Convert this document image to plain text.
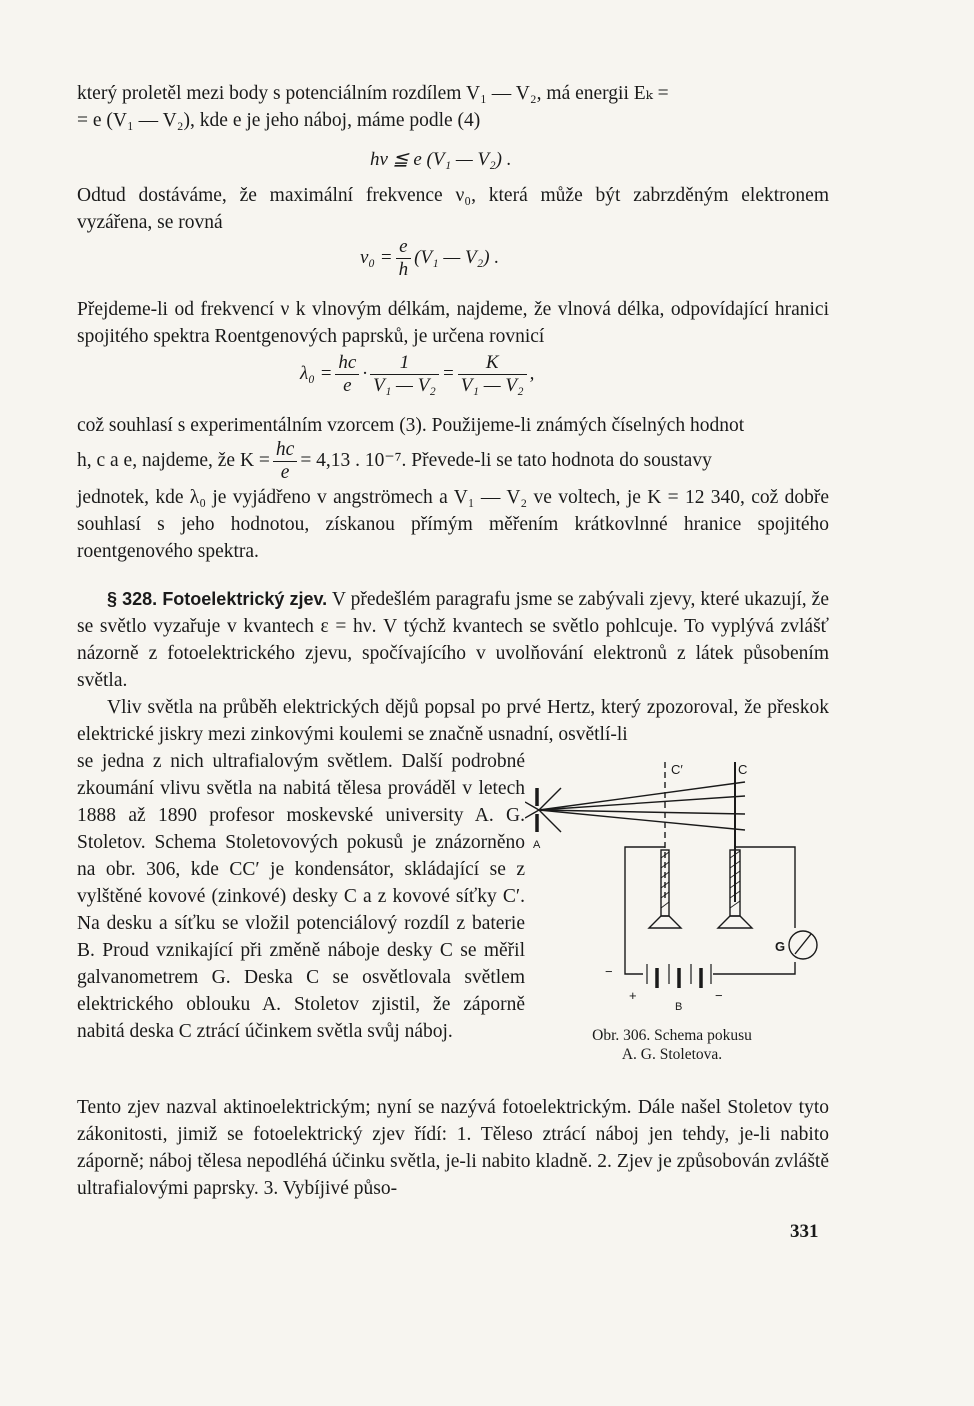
který proletěl mezi body s potenciálním rozdílem V₁ — V₂, má energii Eₖ =

= e (V₁ — V₂), kde e je jeho náboj, máme podle (4)

hν ≦ e (V₁ — V₂) .

Odtud dostáváme, že maximální frekvence ν₀, která může být zabrzděným elektronem vyzářena, se rovná

$\nu_0 = \frac{e}{h} (V_1$ — V₂) .

Přejdeme-li od frekvencí ν k vlnovým délkám, najdeme, že vlnová délka, odpovídající hranici spojitého spektra Roentgenových paprsků, je určena rovnicí

$\lambda_0 = \frac{hc}{e} \cdot \frac{1}{\text{V₁ — V₂}} = \frac{K}{\text{V₁ — V₂}}$ ,

což souhlasí s experimentálním vzorcem (3). Použijeme-li známých číselných hodnot

h, c a e, najdeme, že $K = \frac{hc}{e} = 4,13$ . 10⁻⁷. Převede-li se tato hodnota do soustavy

jednotek, kde λ₀ je vyjádřeno v angströmech a V₁ — V₂ ve voltech, je K = 12 340, což dobře souhlasí s jeho hodnotou, získanou přímým měřením krátkovlnné hranice spojitého roentgenového spektra.

§ 328. Fotoelektrický zjev. V předešlém paragrafu jsme se zabývali zjevy, které ukazují, že se světlo vyzařuje v kvantech ε = hν. V týchž kvantech se světlo pohlcuje. To vyplývá zvlášť názorně z fotoelektrického zjevu, spočívajícího v uvolňování elektronů z látek působením světla.

Vliv světla na průběh elektrických dějů popsal po prvé Hertz, který zpozoroval, že přeskok elektrické jiskry mezi zinkovými koulemi se značně usnadní, osvětlí-li

se jedna z nich ultrafialovým světlem. Další podrobné zkoumání vlivu světla na nabitá tělesa prováděl v letech 1888 až 1890 profesor moskevské university A. G. Stoletov. Schema Stoletovových pokusů je znázorněno na obr. 306, kde CC′ je kondensátor, skládající se z vylštěné kovové (zinkové) desky C a z kovové síťky C′. Na desku a síťku se vložil potenciálový rozdíl z baterie B. Proud vznikající při změně náboje desky C se měřil galvanometrem G. Deska C se osvětlovala světlem elektrického oblouku A. Stoletov zjistil, že záporně nabitá deska C ztrácí účinkem světla svůj náboj.

Tento zjev nazval aktinoelektrickým; nyní se nazývá fotoelektrickým. Dále našel Stoletov tyto zákonitosti, jimiž se fotoelektrický zjev řídí: 1. Těleso ztrácí náboj jen tehdy, je-li nabito záporně; náboj tělesa nepodléhá účinku světla, je-li nabito kladně. 2. Zjev je způsobován zvláště ultrafialovými paprsky. 3. Vybíjivé půso-

C′	C
A
G
B
+	−
−
Obr. 306. Schema pokusu
A. G. Stoletova.
331
